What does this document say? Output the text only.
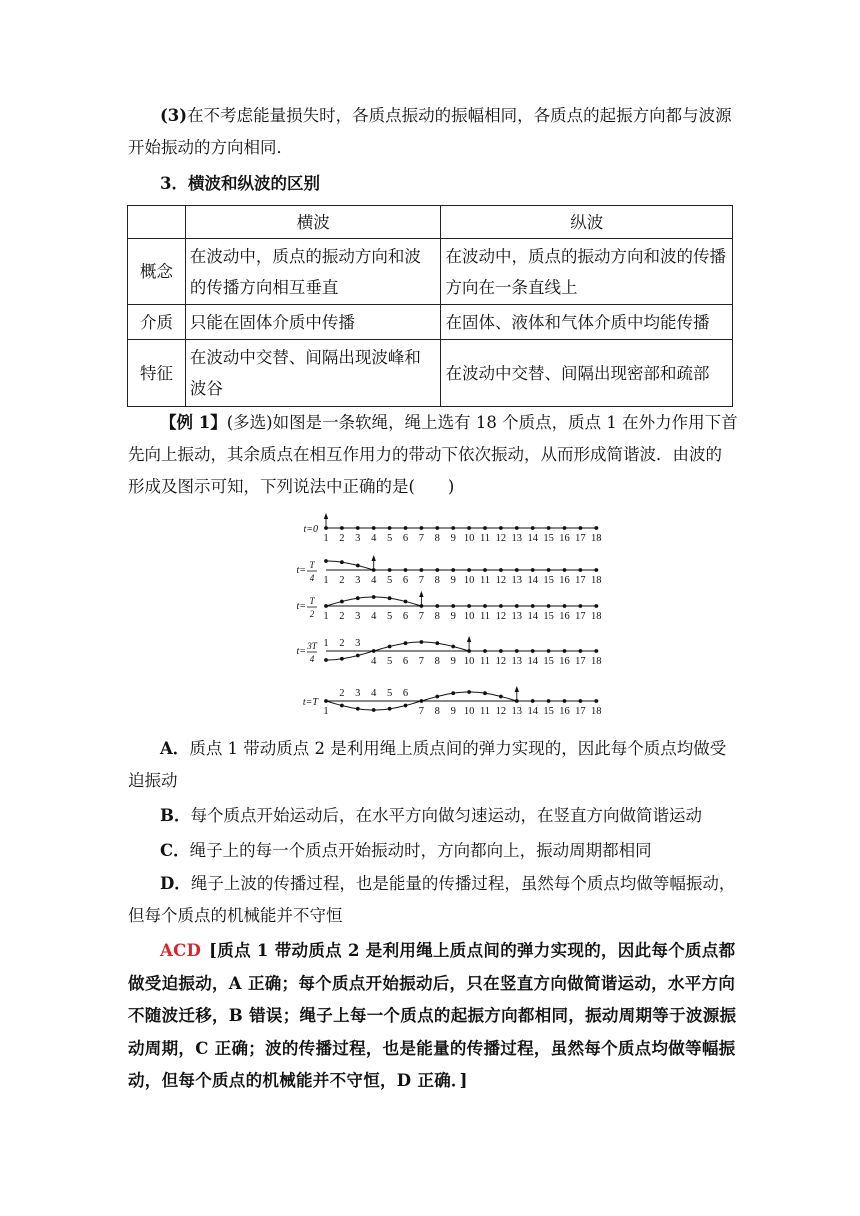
(3)在不考虑能量损失时，各质点振动的振幅相同，各质点的起振方向都与波源开始振动的方向相同．

3．横波和纵波的区别

	横波	纵波
概念	在波动中，质点的振动方向和波的传播方向相互垂直	在波动中，质点的振动方向和波的传播方向在一条直线上
介质	只能在固体介质中传播	在固体、液体和气体介质中均能传播
特征	在波动中交替、间隔出现波峰和波谷	在波动中交替、间隔出现密部和疏部

【例 1】(多选)如图是一条软绳，绳上选有 18 个质点，质点 1 在外力作用下首先向上振动，其余质点在相互作用力的带动下依次振动，从而形成简谐波．由波的形成及图示可知，下列说法中正确的是(　　)

t=0
1 2 3 4 5 6 7 8 9 10 11 12 13 14 15 16 17 18
t= T
4 1 2 3 4 5 6 7 8 9 10 11 12 13 14 15 16 17 18
t= T
2 1 2 3 4 5 6 7 8 9 10 11 12 13 14 15 16 17 18
t= 3T
4
1 2 3
4 5 6 7 8 9 10 11 12 13 14 15 16 17 18
t=T
1
2 3 4 5 6
7 8 9 10 11 12 13 14 15 16 17 18

A．质点 1 带动质点 2 是利用绳上质点间的弹力实现的，因此每个质点均做受迫振动

B．每个质点开始运动后，在水平方向做匀速运动，在竖直方向做简谐运动

C．绳子上的每一个质点开始振动时，方向都向上，振动周期都相同

D．绳子上波的传播过程，也是能量的传播过程，虽然每个质点均做等幅振动，但每个质点的机械能并不守恒

ACD [质点 1 带动质点 2 是利用绳上质点间的弹力实现的，因此每个质点都做受迫振动，A 正确；每个质点开始振动后，只在竖直方向做简谐运动，水平方向不随波迁移，B 错误；绳子上每一个质点的起振方向都相同，振动周期等于波源振动周期，C 正确；波的传播过程，也是能量的传播过程，虽然每个质点均做等幅振动，但每个质点的机械能并不守恒，D 正确．]
